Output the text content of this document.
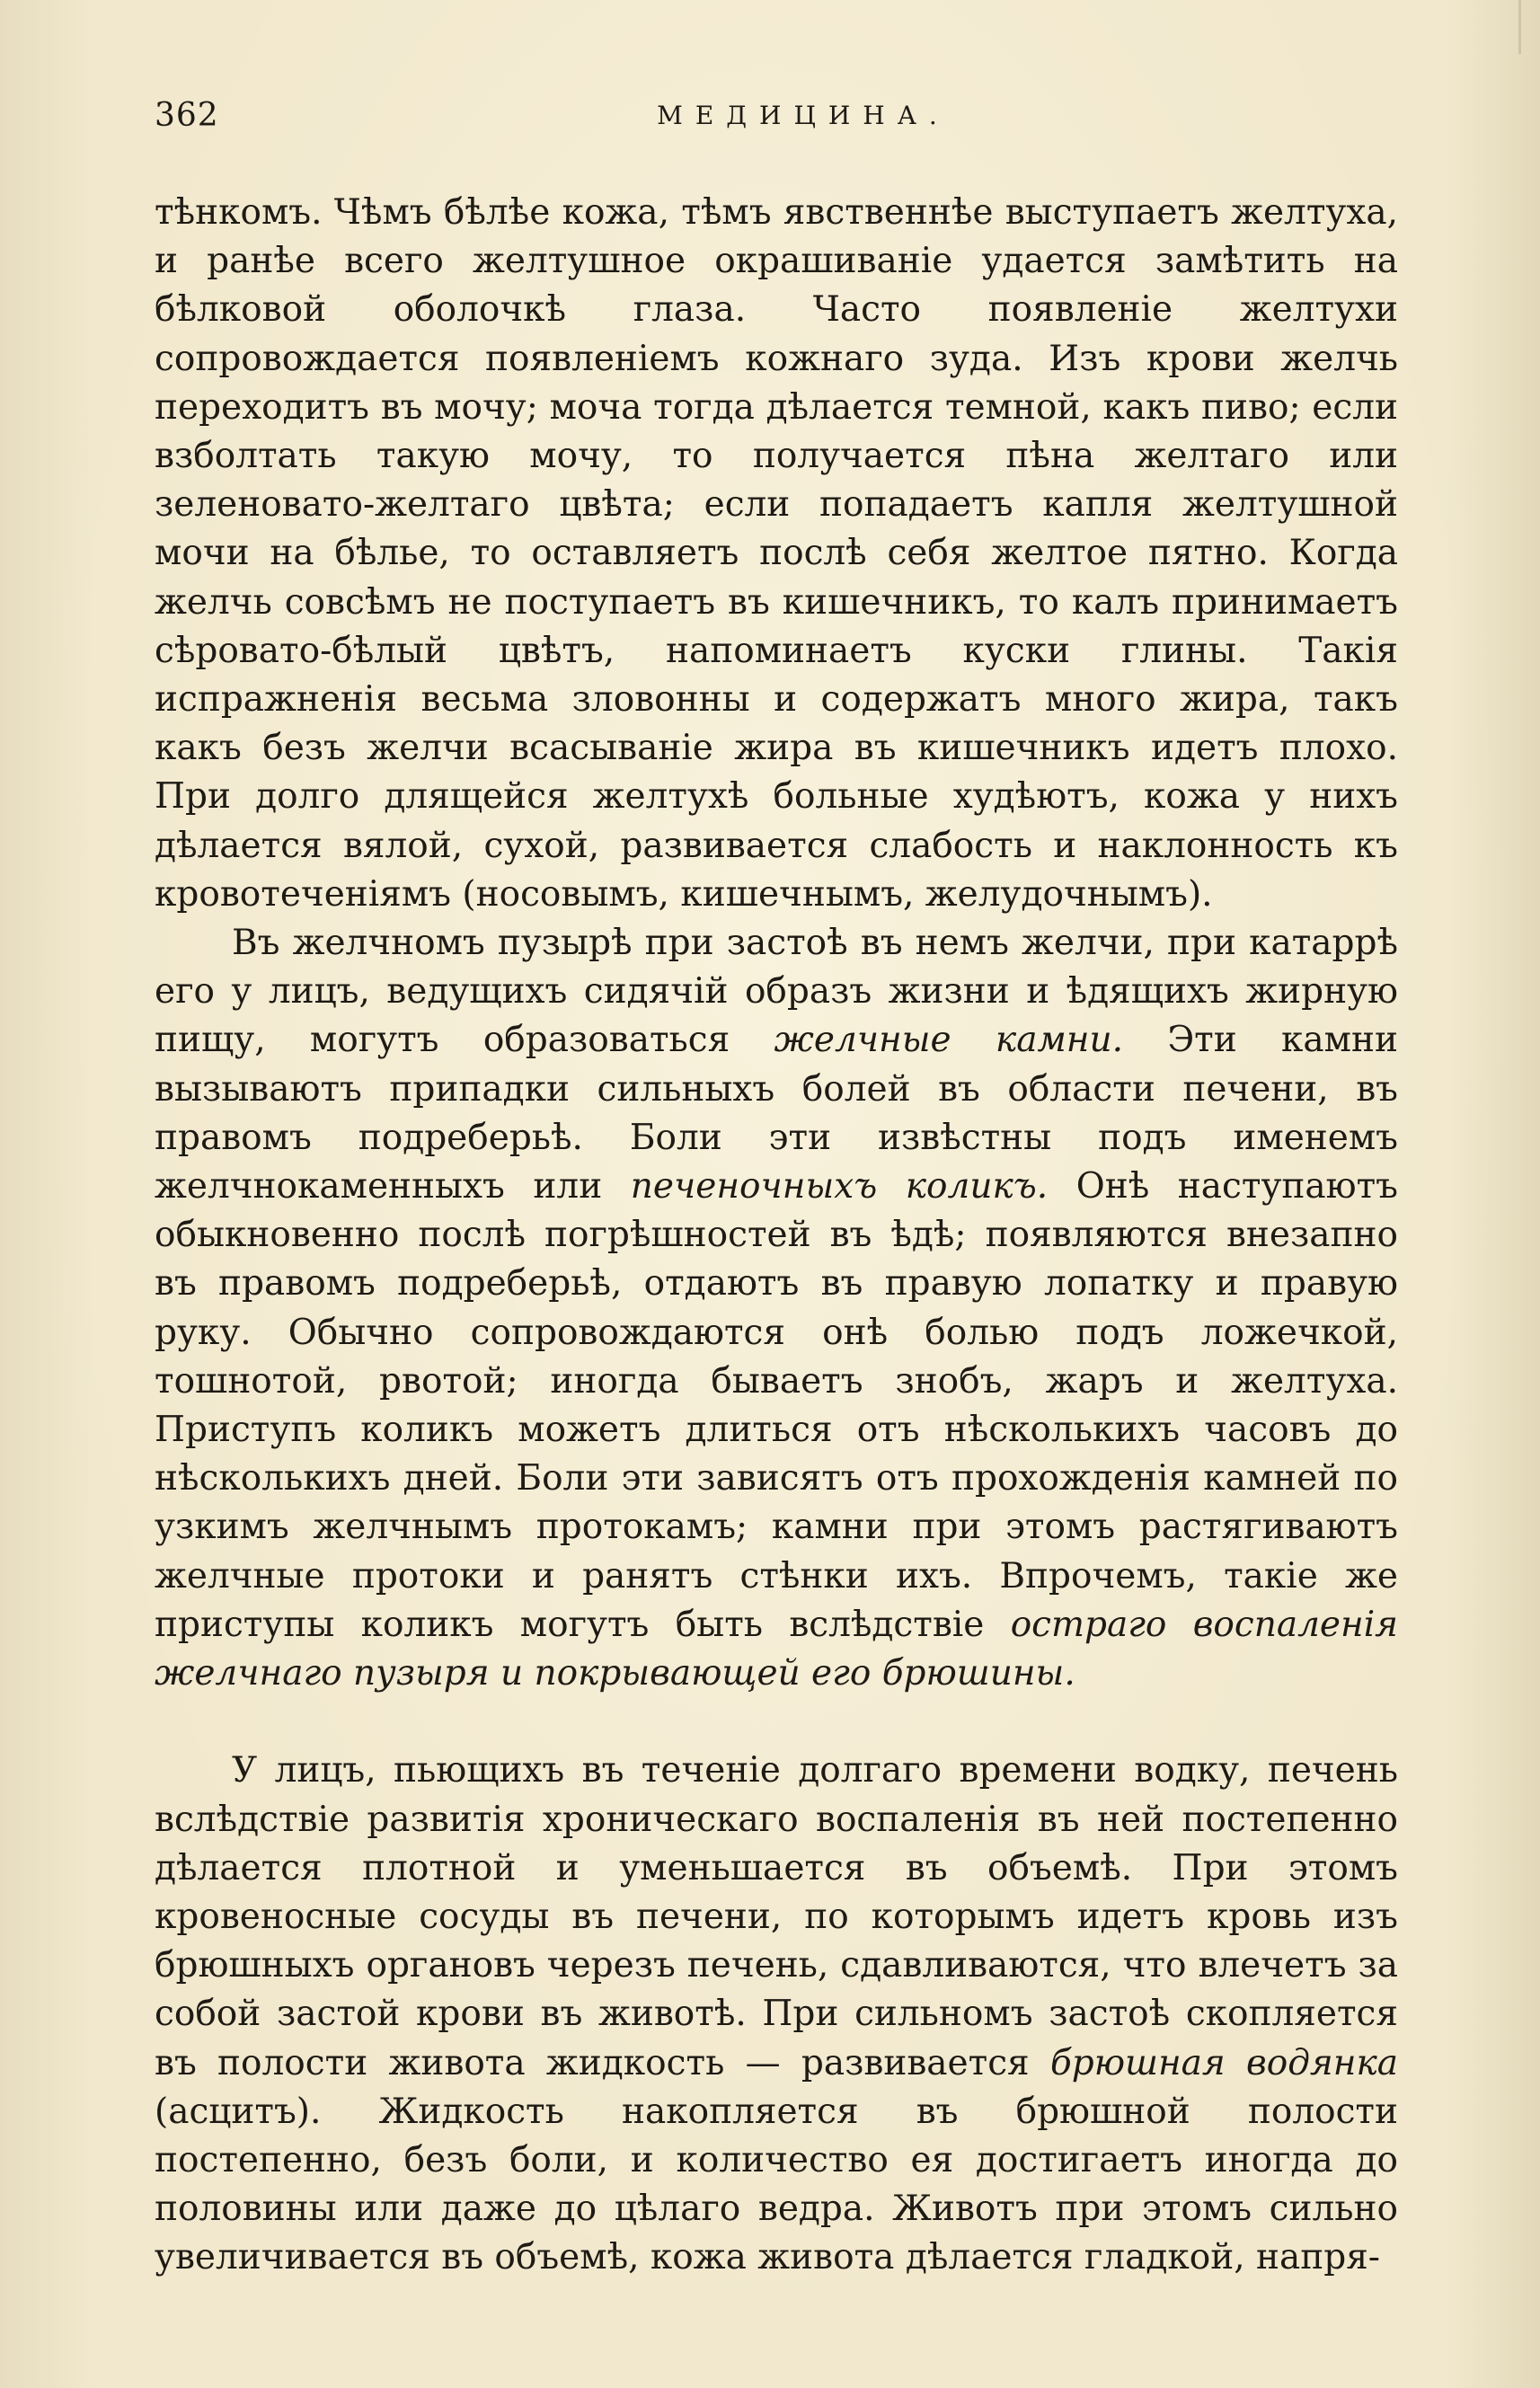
362	МЕДИЦИНА.

тѣнкомъ. Чѣмъ бѣлѣе кожа, тѣмъ явственнѣе выступаетъ желтуха, и ранѣе всего желтушное окрашиваніе удается замѣтить на бѣлковой оболочкѣ глаза. Часто появленіе желтухи сопровождается появленіемъ кожнаго зуда. Изъ крови желчь переходитъ въ мочу; моча тогда дѣлается темной, какъ пиво; если взболтать такую мочу, то получается пѣна желтаго или зеленовато-желтаго цвѣта; если попадаетъ капля желтушной мочи на бѣлье, то оставляетъ послѣ себя желтое пятно. Когда желчь совсѣмъ не поступаетъ въ кишечникъ, то калъ принимаетъ сѣровато-бѣлый цвѣтъ, напоминаетъ куски глины. Такія испражненія весьма зловонны и содержатъ много жира, такъ какъ безъ желчи всасываніе жира въ кишечникъ идетъ плохо. При долго длящейся желтухѣ больные худѣютъ, кожа у нихъ дѣлается вялой, сухой, развивается слабость и наклонность къ кровотеченіямъ (носовымъ, кишечнымъ, желудочнымъ).

Въ желчномъ пузырѣ при застоѣ въ немъ желчи, при катаррѣ его у лицъ, ведущихъ сидячій образъ жизни и ѣдящихъ жирную пищу, могутъ образоваться желчные камни. Эти камни вызываютъ припадки сильныхъ болей въ области печени, въ правомъ подреберьѣ. Боли эти извѣстны подъ именемъ желчнокаменныхъ или печеночныхъ коликъ. Онѣ наступаютъ обыкновенно послѣ погрѣшностей въ ѣдѣ; появляются внезапно въ правомъ подреберьѣ, отдаютъ въ правую лопатку и правую руку. Обычно сопровождаются онѣ болью подъ ложечкой, тошнотой, рвотой; иногда бываетъ знобъ, жаръ и желтуха. Приступъ коликъ можетъ длиться отъ нѣсколькихъ часовъ до нѣсколькихъ дней. Боли эти зависятъ отъ прохожденія камней по узкимъ желчнымъ протокамъ; камни при этомъ растягиваютъ желчные протоки и ранятъ стѣнки ихъ. Впрочемъ, такіе же приступы коликъ могутъ быть вслѣдствіе остраго воспаленія желчнаго пузыря и покрывающей его брюшины.

У лицъ, пьющихъ въ теченіе долгаго времени водку, печень вслѣдствіе развитія хроническаго воспаленія въ ней постепенно дѣлается плотной и уменьшается въ объемѣ. При этомъ кровеносные сосуды въ печени, по которымъ идетъ кровь изъ брюшныхъ органовъ черезъ печень, сдавливаются, что влечетъ за собой застой крови въ животѣ. При сильномъ застоѣ скопляется въ полости живота жидкость — развивается брюшная водянка (асцитъ). Жидкость накопляется въ брюшной полости постепенно, безъ боли, и количество ея достигаетъ иногда до половины или даже до цѣлаго ведра. Животъ при этомъ сильно увеличивается въ объемѣ, кожа живота дѣлается гладкой, напря-
